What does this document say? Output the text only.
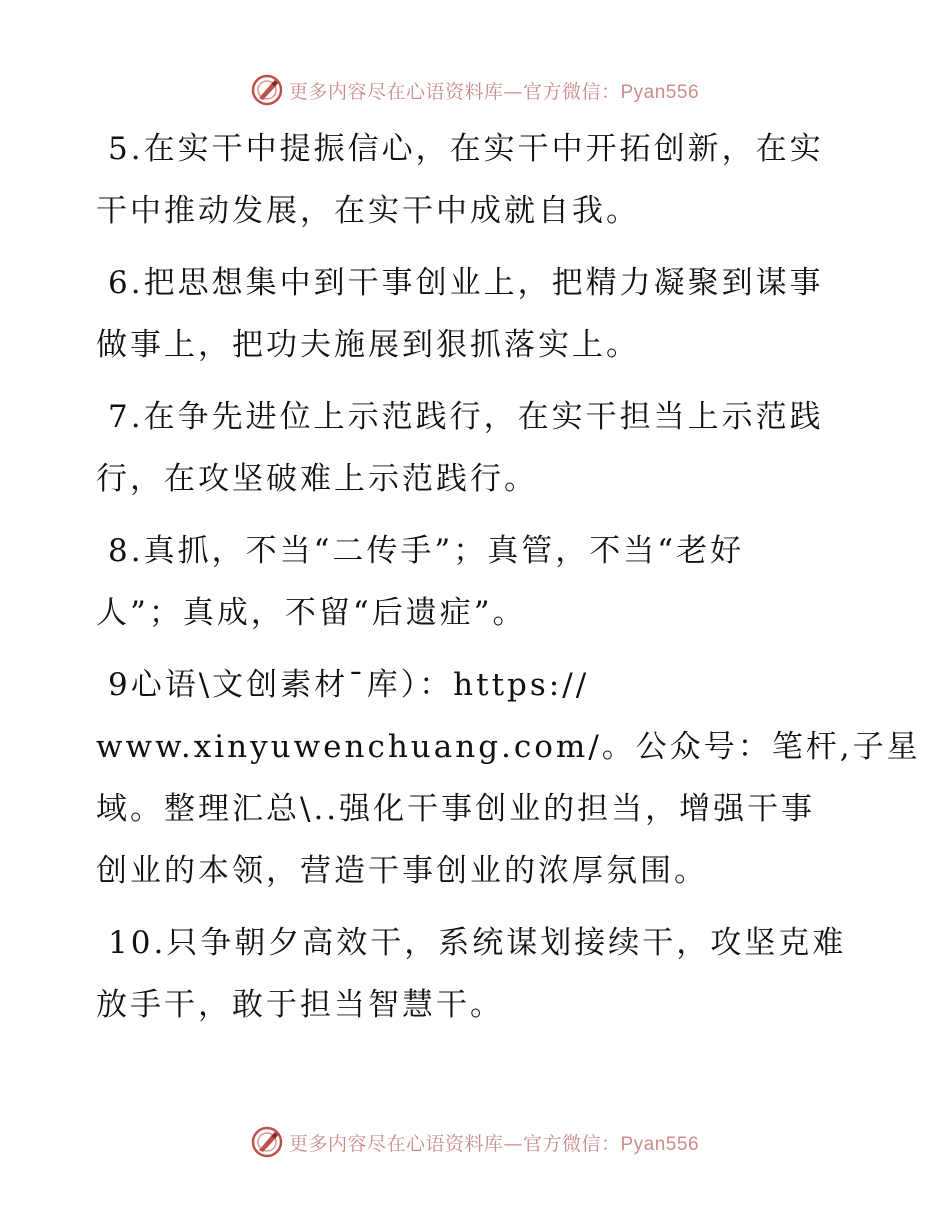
更多内容尽在心语资料库—官方微信：Pyan556

5.在实干中提振信心，在实干中开拓创新，在实
干中推动发展，在实干中成就自我。

6.把思想集中到干事创业上，把精力凝聚到谋事
做事上，把功夫施展到狠抓落实上。

7.在争先进位上示范践行，在实干担当上示范践
行，在攻坚破难上示范践行。

8.真抓，不当“二传手”；真管，不当“老好
人”；真成，不留“后遗症”。

9心语\文创素材¯库）：https://
www.xinyuwenchuang.com/。公众号：笔杆,子星
域。整理汇总\..强化干事创业的担当，增强干事
创业的本领，营造干事创业的浓厚氛围。

10.只争朝夕高效干，系统谋划接续干，攻坚克难
放手干，敢于担当智慧干。

更多内容尽在心语资料库—官方微信：Pyan556
